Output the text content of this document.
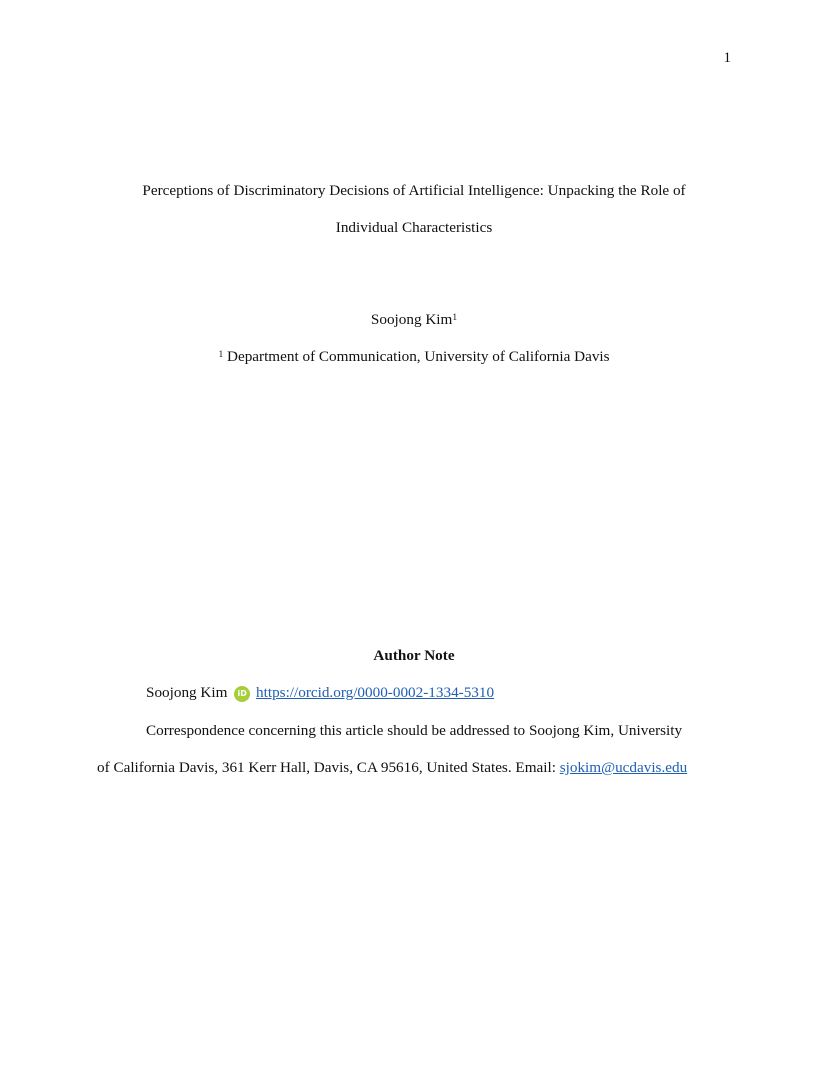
1
Perceptions of Discriminatory Decisions of Artificial Intelligence: Unpacking the Role of
Individual Characteristics
Soojong Kim$^1$
$^1$ Department of Communication, University of California Davis
Author Note
Soojong Kim iD https://orcid.org/0000-0002-1334-5310
Correspondence concerning this article should be addressed to Soojong Kim, University
of California Davis, 361 Kerr Hall, Davis, CA 95616, United States. Email: sjokim@ucdavis.edu
